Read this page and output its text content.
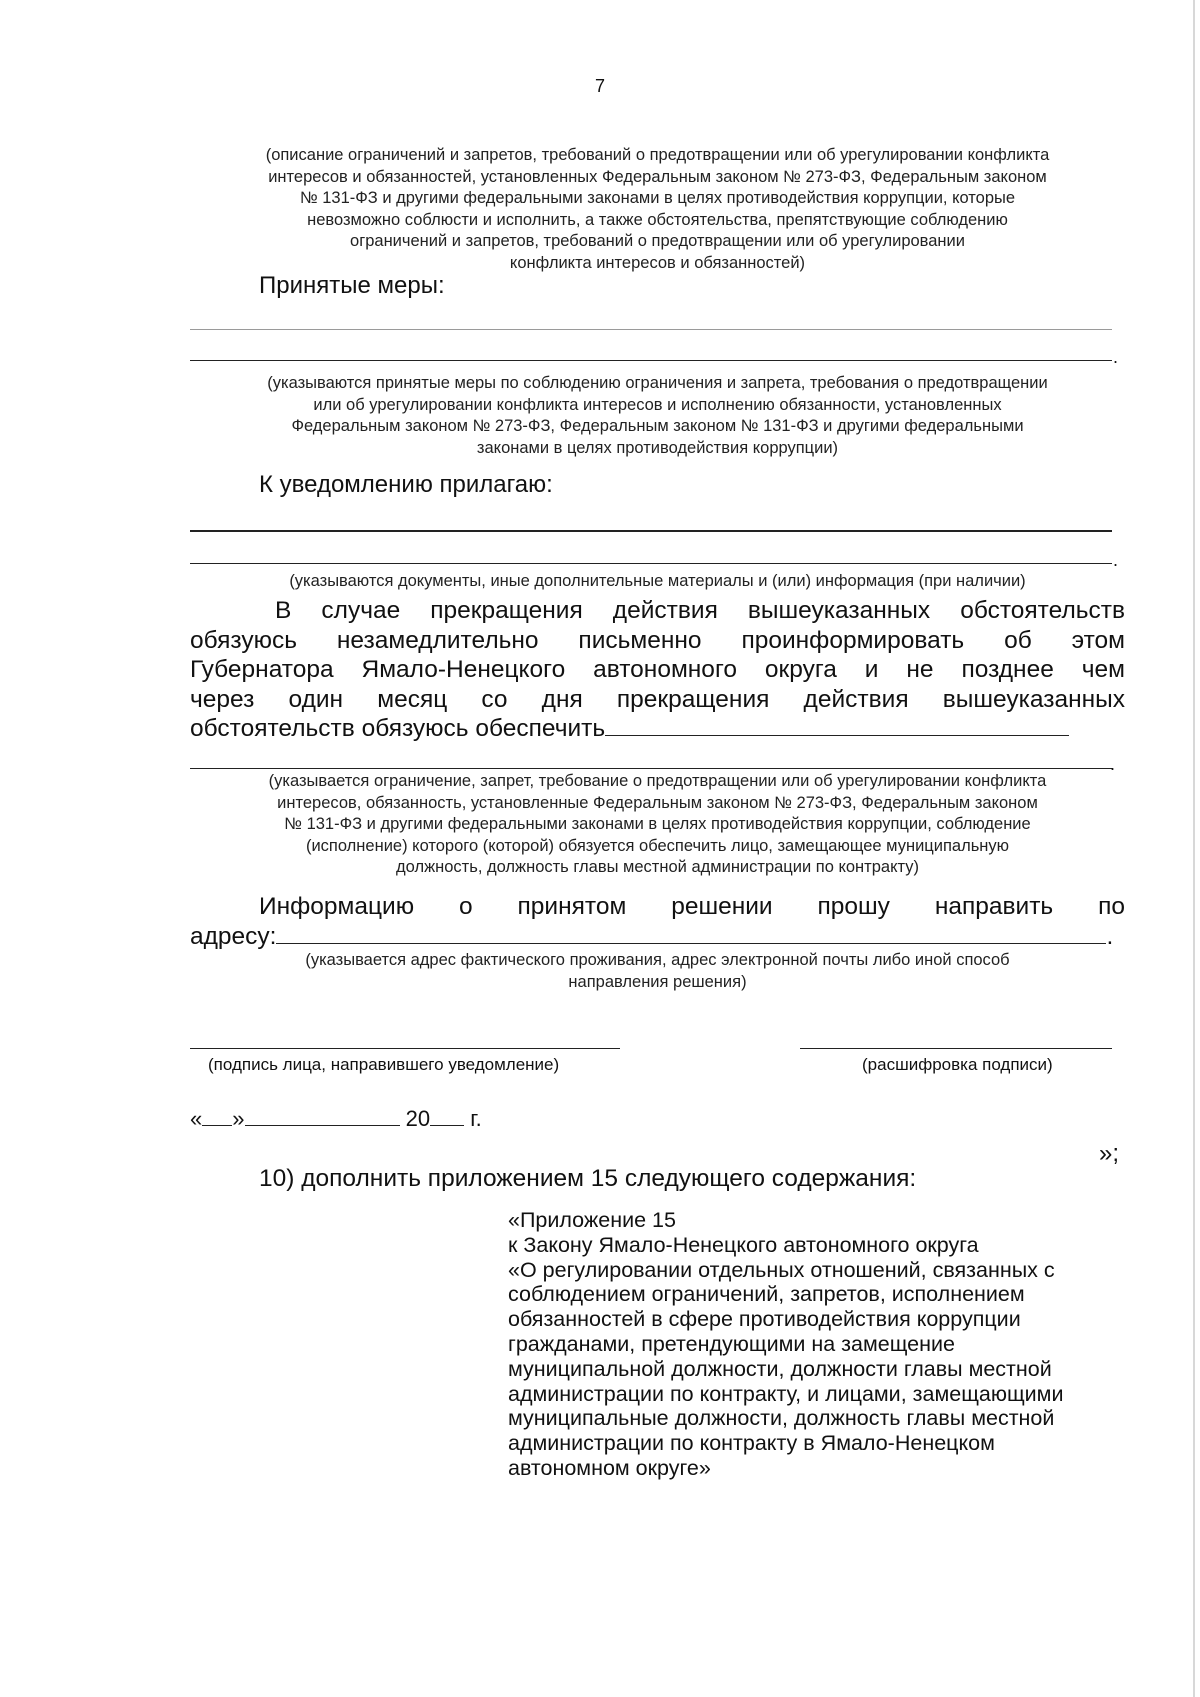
7
(описание ограничений и запретов, требований о предотвращении или об урегулировании конфликта
интересов и обязанностей, установленных Федеральным законом № 273-ФЗ, Федеральным законом
№ 131-ФЗ и другими федеральными законами в целях противодействия коррупции, которые
невозможно соблюсти и исполнить, а также обстоятельства, препятствующие соблюдению
ограничений и запретов, требований о предотвращении или об урегулировании
конфликта интересов и обязанностей)
Принятые меры:
.
(указываются принятые меры по соблюдению ограничения и запрета, требования о предотвращении
или об урегулировании конфликта интересов и исполнению обязанности, установленных
Федеральным законом № 273-ФЗ, Федеральным законом № 131-ФЗ и другими федеральными
законами в целях противодействия коррупции)
К уведомлению прилагаю:
.
(указываются документы, иные дополнительные материалы и (или) информация (при наличии)
В случае прекращения действия вышеуказанных обстоятельств
обязуюсь незамедлительно письменно проинформировать об этом
Губернатора Ямало-Ненецкого автономного округа и не позднее чем
через один месяц со дня прекращения действия вышеуказанных
обстоятельств обязуюсь обеспечить
.
(указывается ограничение, запрет, требование о предотвращении или об урегулировании конфликта
интересов, обязанность, установленные Федеральным законом № 273-ФЗ, Федеральным законом
№ 131-ФЗ и другими федеральными законами в целях противодействия коррупции, соблюдение
(исполнение) которого (которой) обязуется обеспечить лицо, замещающее муниципальную
должность, должность главы местной администрации по контракту)
Информацию о принятом решении прошу направить по
адресу:	.
(указывается адрес фактического проживания, адрес электронной почты либо иной способ
направления решения)
(подпись лица, направившего уведомление)	(расшифровка подписи)
« »	20 г.
»;
10) дополнить приложением 15 следующего содержания:
«Приложение 15
к Закону Ямало-Ненецкого автономного округа
«О регулировании отдельных отношений, связанных с
соблюдением ограничений, запретов, исполнением
обязанностей в сфере противодействия коррупции
гражданами, претендующими на замещение
муниципальной должности, должности главы местной
администрации по контракту, и лицами, замещающими
муниципальные должности, должность главы местной
администрации по контракту в Ямало-Ненецком
автономном округе»
